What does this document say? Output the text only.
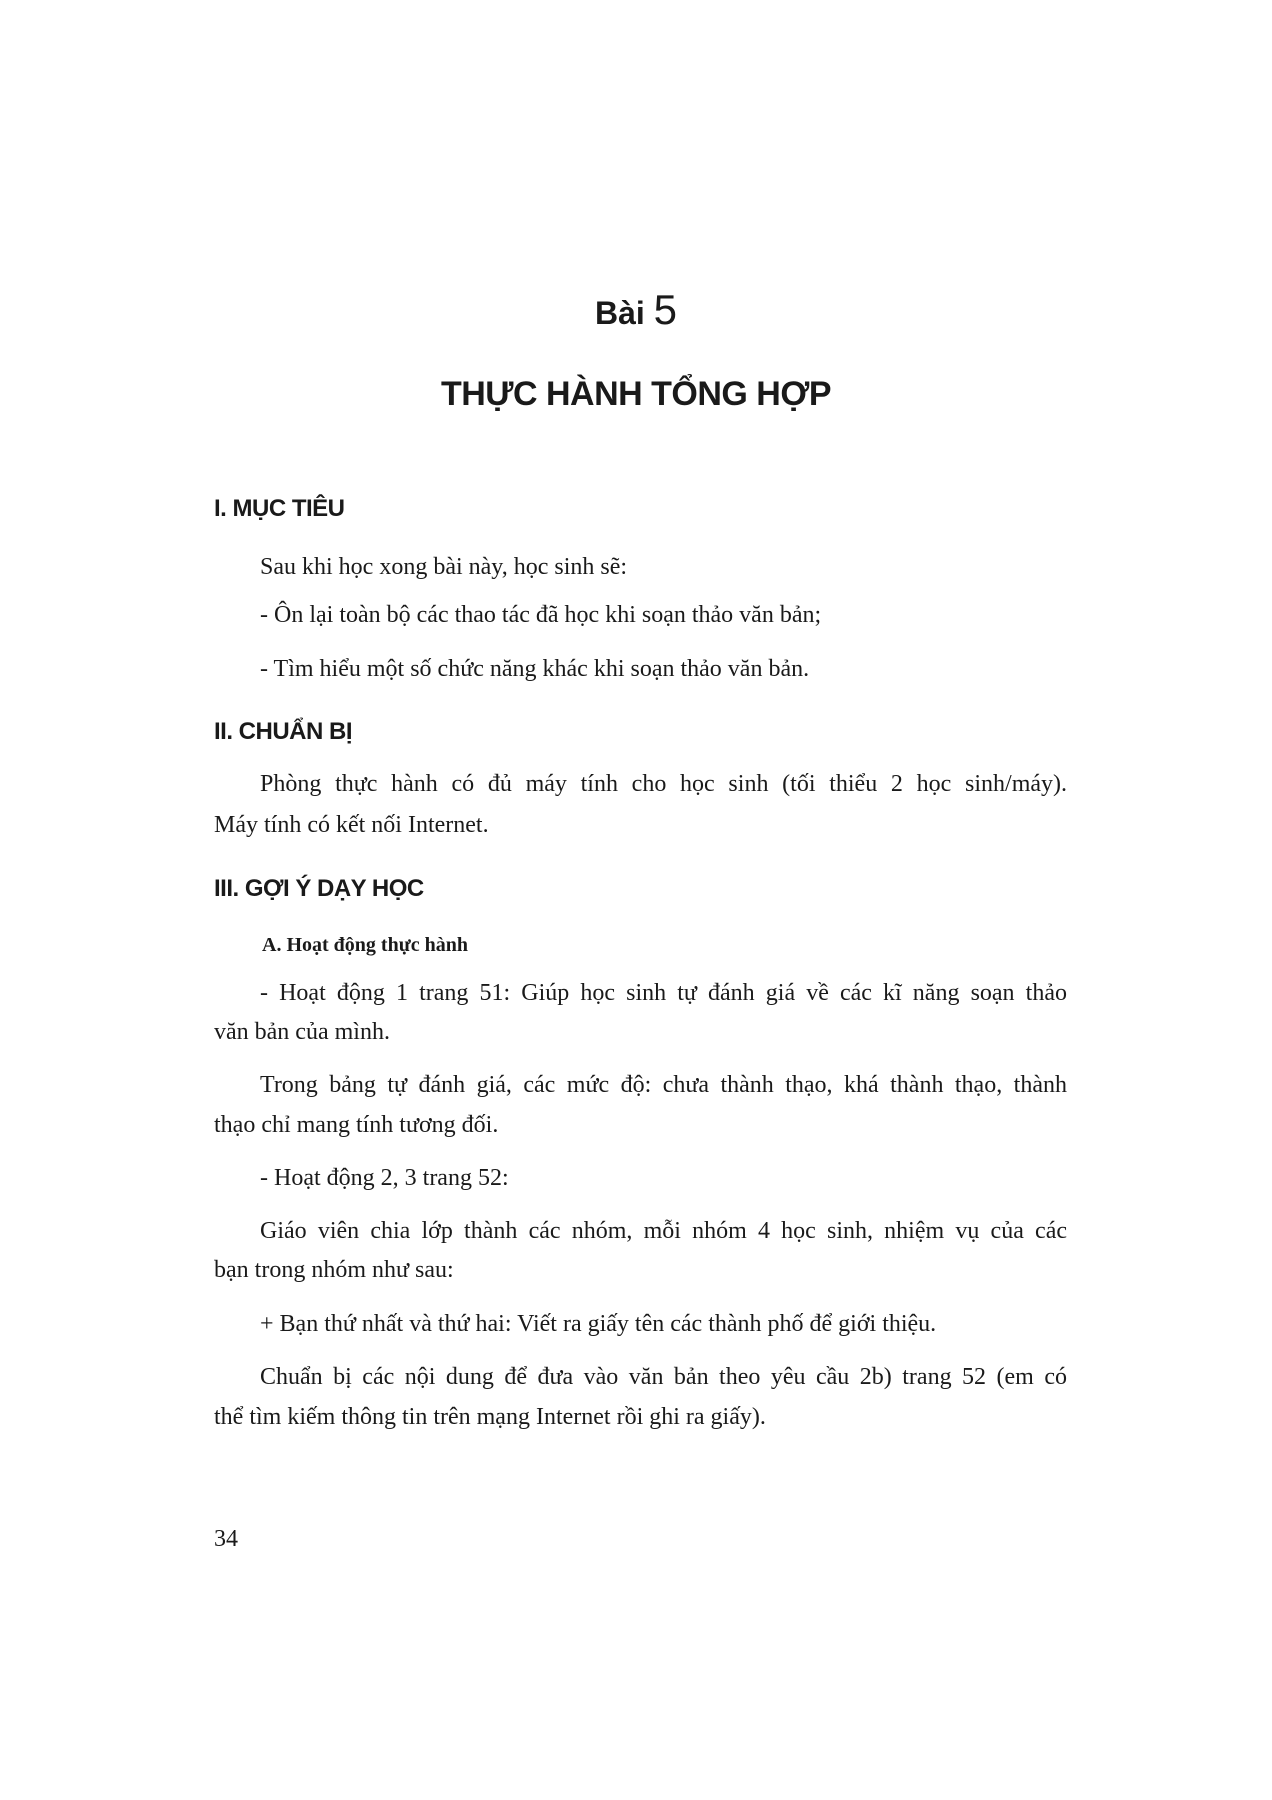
Bài 5
THỰC HÀNH TỔNG HỢP
I. MỤC TIÊU
Sau khi học xong bài này, học sinh sẽ:
- Ôn lại toàn bộ các thao tác đã học khi soạn thảo văn bản;
- Tìm hiểu một số chức năng khác khi soạn thảo văn bản.
II. CHUẨN BỊ
Phòng thực hành có đủ máy tính cho học sinh (tối thiểu 2 học sinh/máy).
Máy tính có kết nối Internet.
III. GỢI Ý DẠY HỌC
A. Hoạt động thực hành
- Hoạt động 1 trang 51: Giúp học sinh tự đánh giá về các kĩ năng soạn thảo
văn bản của mình.
Trong bảng tự đánh giá, các mức độ: chưa thành thạo, khá thành thạo, thành
thạo chỉ mang tính tương đối.
- Hoạt động 2, 3 trang 52:
Giáo viên chia lớp thành các nhóm, mỗi nhóm 4 học sinh, nhiệm vụ của các
bạn trong nhóm như sau:
+ Bạn thứ nhất và thứ hai: Viết ra giấy tên các thành phố để giới thiệu.
Chuẩn bị các nội dung để đưa vào văn bản theo yêu cầu 2b) trang 52 (em có
thể tìm kiếm thông tin trên mạng Internet rồi ghi ra giấy).
34
